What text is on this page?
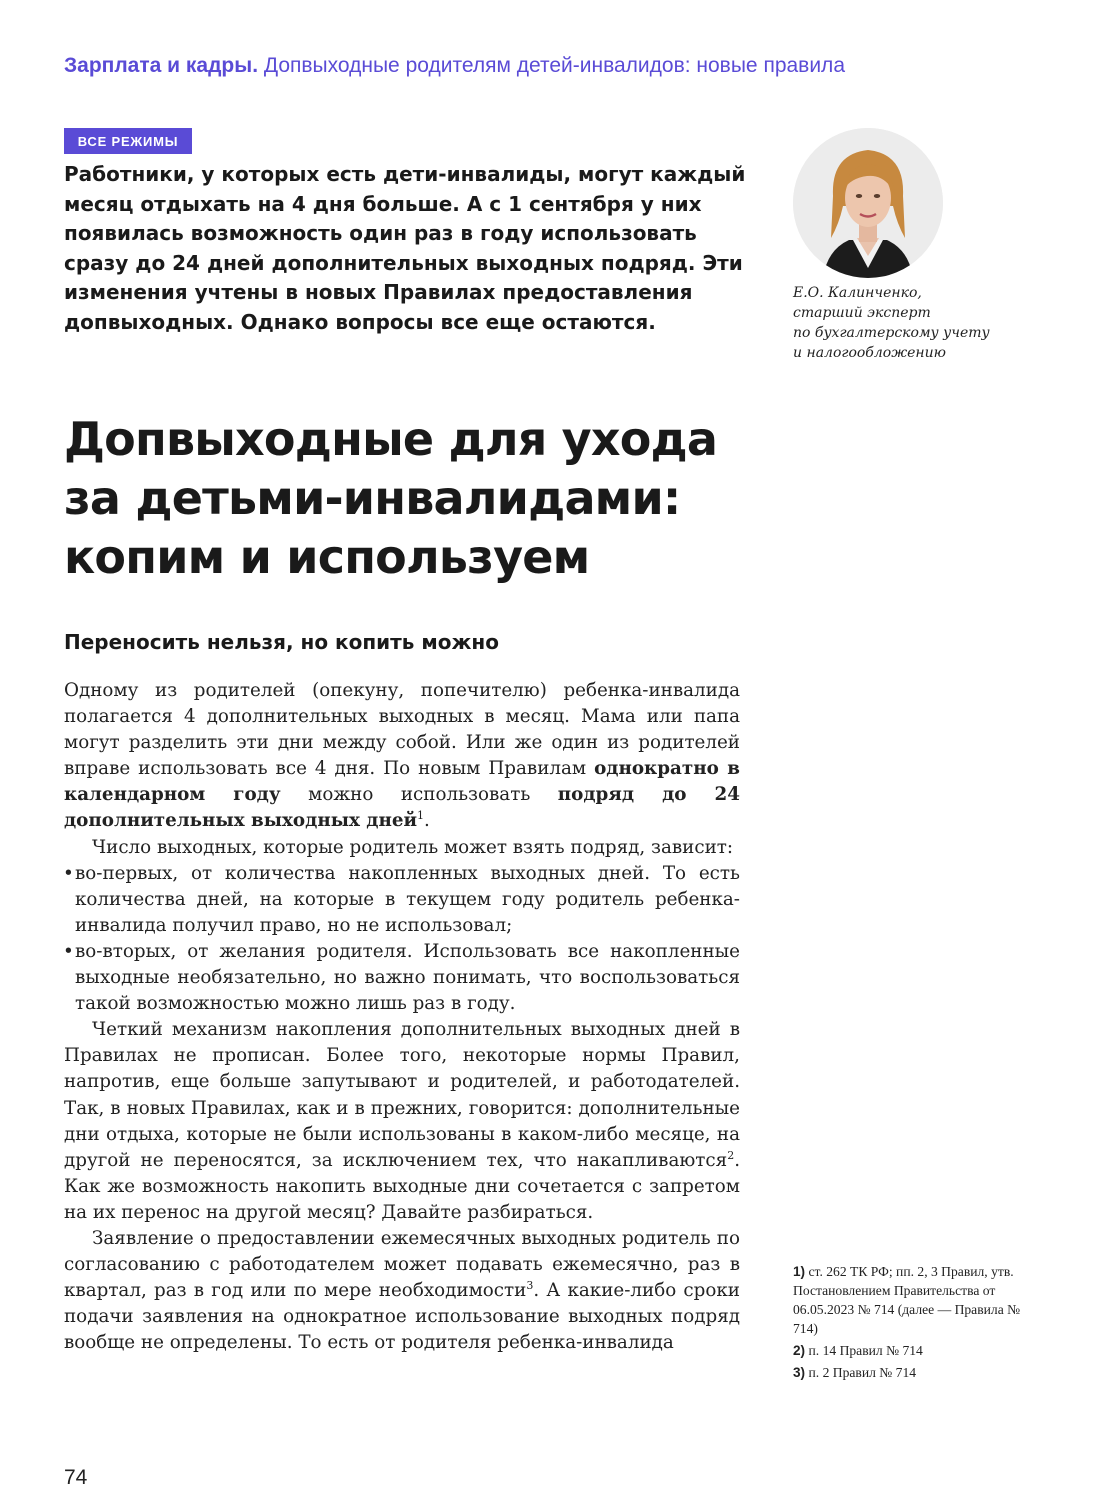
Зарплата и кадры. Допвыходные родителям детей-инвалидов: новые правила
ВСЕ РЕЖИМЫ
Работники, у которых есть дети-инвалиды, могут каждый месяц отдыхать на 4 дня больше. А с 1 сентября у них появилась возможность один раз в году использовать сразу до 24 дней дополнительных выходных подряд. Эти изменения учтены в новых Правилах предоставления допвыходных. Однако вопросы все еще остаются.
Е.О. Калинченко,
старший эксперт
по бухгалтерскому учету
и налогообложению
Допвыходные для ухода
за детьми-инвалидами:
копим и используем
Переносить нельзя, но копить можно

Одному из родителей (опекуну, попечителю) ребенка-инвалида полагается 4 дополнительных выходных в месяц. Мама или папа могут разделить эти дни между собой. Или же один из родителей вправе использовать все 4 дня. По новым Правилам однократно в календарном году можно использовать подряд до 24 дополнительных выходных дней$^1$.

Число выходных, которые родитель может взять подряд, зависит:

• во-первых, от количества накопленных выходных дней. То есть количества дней, на которые в текущем году родитель ребенка-инвалида получил право, но не использовал;
• во-вторых, от желания родителя. Использовать все накопленные выходные необязательно, но важно понимать, что воспользоваться такой возможностью можно лишь раз в году.

Четкий механизм накопления дополнительных выходных дней в Правилах не прописан. Более того, некоторые нормы Правил, напротив, еще больше запутывают и родителей, и работодателей. Так, в новых Правилах, как и в прежних, говорится: дополнительные дни отдыха, которые не были использованы в каком-либо месяце, на другой не переносятся, за исключением тех, что накапливаются$^2$. Как же возможность накопить выходные дни сочетается с запретом на их перенос на другой месяц? Давайте разбираться.

Заявление о предоставлении ежемесячных выходных родитель по согласованию с работодателем может подавать ежемесячно, раз в квартал, раз в год или по мере необходимости$^3$. А какие-либо сроки подачи заявления на однократное использование выходных подряд вообще не определены. То есть от родителя ребенка-инвалида

1) ст. 262 ТК РФ; пп. 2, 3 Правил, утв. Постановлением Правительства от 06.05.2023 № 714 (далее — Правила № 714)

2) п. 14 Правил № 714

3) п. 2 Правил № 714

74
